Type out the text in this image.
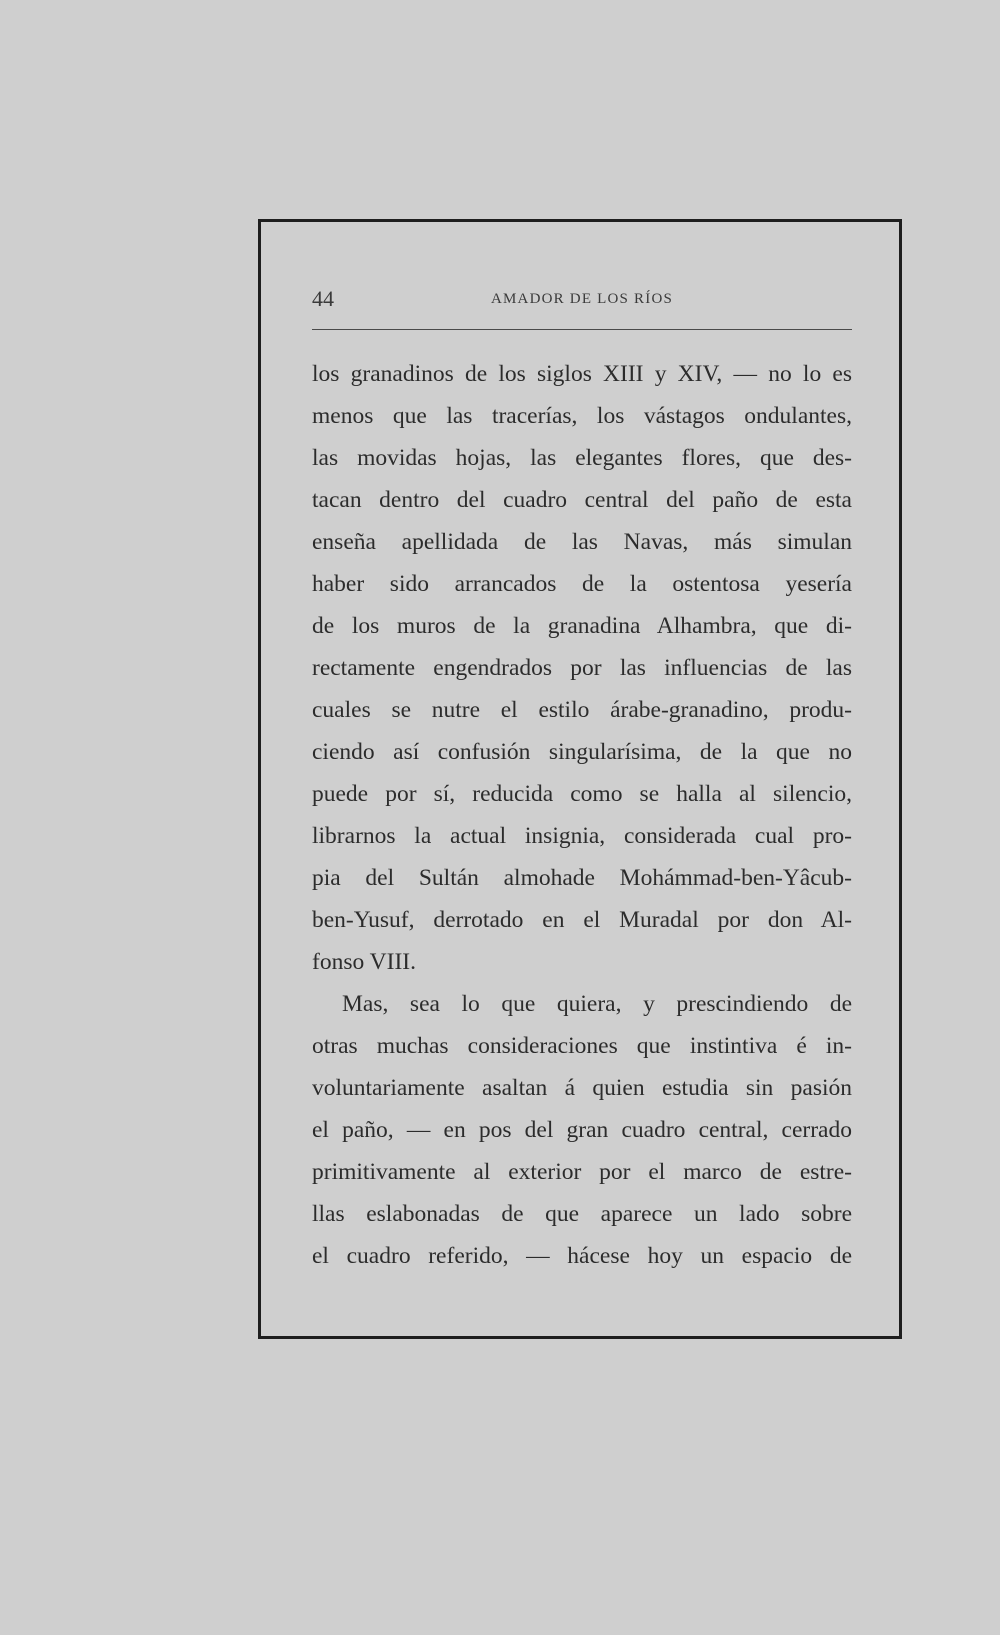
44	AMADOR DE LOS RÍOS

los granadinos de los siglos XIII y XIV, — no lo es
menos que las tracerías, los vástagos ondulantes,
las movidas hojas, las elegantes flores, que des-
tacan dentro del cuadro central del paño de esta
enseña apellidada de las Navas, más simulan
haber sido arrancados de la ostentosa yesería
de los muros de la granadina Alhambra, que di-
rectamente engendrados por las influencias de las
cuales se nutre el estilo árabe-granadino, produ-
ciendo así confusión singularísima, de la que no
puede por sí, reducida como se halla al silencio,
librarnos la actual insignia, considerada cual pro-
pia del Sultán almohade Mohámmad-ben-Yâcub-
ben-Yusuf, derrotado en el Muradal por don Al-
fonso VIII.

Mas, sea lo que quiera, y prescindiendo de
otras muchas consideraciones que instintiva é in-
voluntariamente asaltan á quien estudia sin pasión
el paño, — en pos del gran cuadro central, cerrado
primitivamente al exterior por el marco de estre-
llas eslabonadas de que aparece un lado sobre
el cuadro referido, — hácese hoy un espacio de
